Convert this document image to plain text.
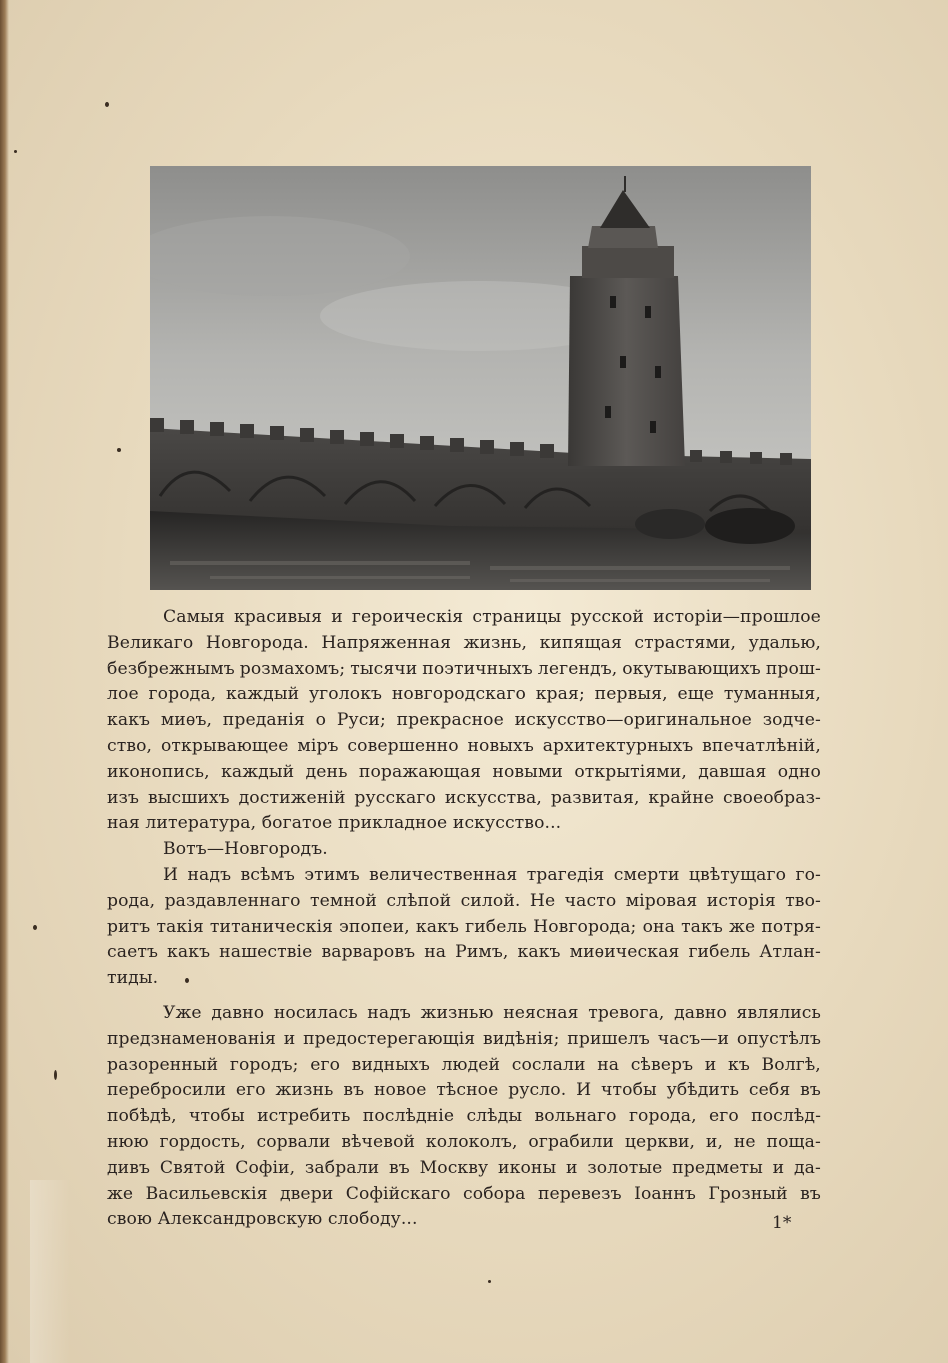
Самыя красивыя и героическія страницы русской исторіи—прошлое
Великаго Новгорода. Напряженная жизнь, кипящая страстями, удалью,
безбрежнымъ розмахомъ; тысячи поэтичныхъ легендъ, окутывающихъ прош-
лое города, каждый уголокъ новгородскаго края; первыя, еще туманныя,
какъ миѳъ, преданія о Руси; прекрасное искусство—оригинальное зодче-
ство, открывающее міръ совершенно новыхъ архитектурныхъ впечатлѣній,
иконопись, каждый день поражающая новыми открытіями, давшая одно
изъ высшихъ достиженій русскаго искусства, развитая, крайне своеобраз-
ная литература, богатое прикладное искусство...
Вотъ—Новгородъ.
И надъ всѣмъ этимъ величественная трагедія смерти цвѣтущаго го-
рода, раздавленнаго темной слѣпой силой. Не часто міровая исторія тво-
ритъ такія титаническія эпопеи, какъ гибель Новгорода; она такъ же потря-
саетъ какъ нашествіе варваровъ на Римъ, какъ миѳическая гибель Атлан-
тиды.
Уже давно носилась надъ жизнью неясная тревога, давно являлись
предзнаменованія и предостерегающія видѣнія; пришелъ часъ—и опустѣлъ
разоренный городъ; его видныхъ людей сослали на сѣверъ и къ Волгѣ,
перебросили его жизнь въ новое тѣсное русло. И чтобы убѣдить себя въ
побѣдѣ, чтобы истребить послѣдніе слѣды вольнаго города, его послѣд-
нюю гордость, сорвали вѣчевой колоколъ, ограбили церкви, и, не поща-
дивъ Святой Софіи, забрали въ Москву иконы и золотые предметы и да-
же Васильевскія двери Софійскаго собора перевезъ Іоаннъ Грозный въ
свою Александровскую слободу...	1*
